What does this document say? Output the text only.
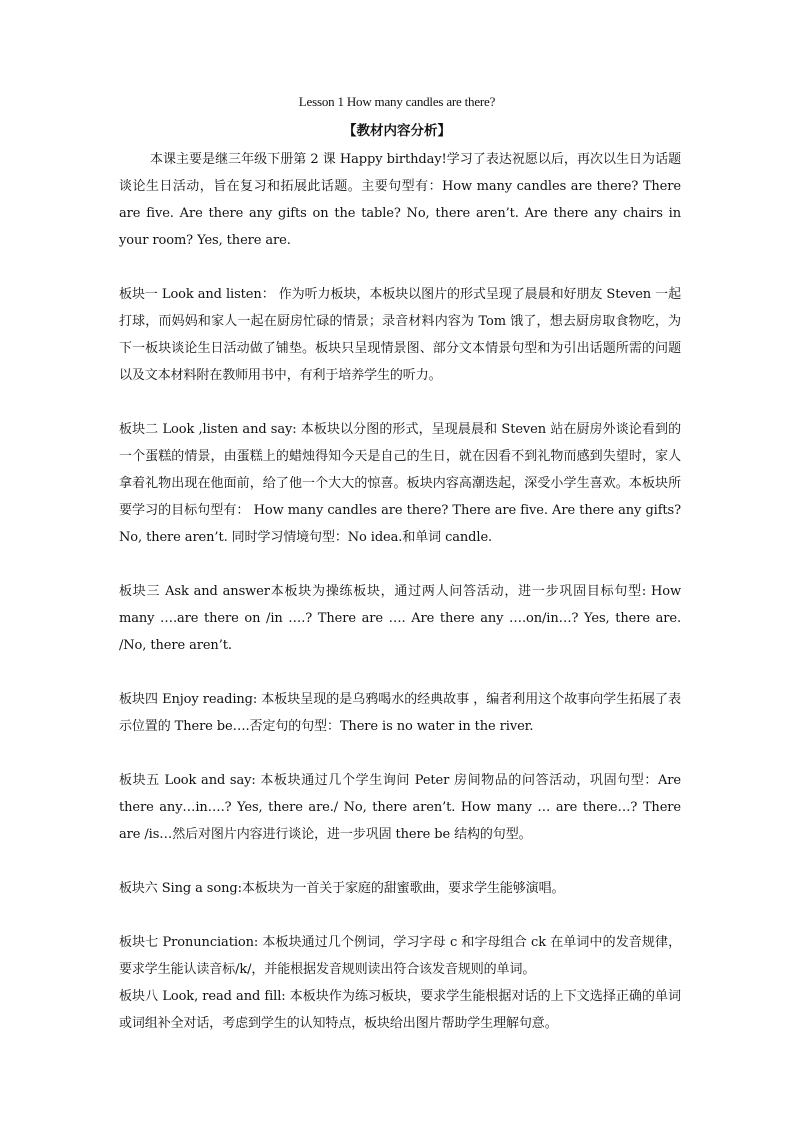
Lesson 1 How many candles are there?
【教材内容分析】

本课主要是继三年级下册第 2 课 Happy birthday!学习了表达祝愿以后，再次以生日为话题谈论生日活动，旨在复习和拓展此话题。主要句型有：How many candles are there? There are five. Are there any gifts on the table? No, there aren’t. Are there any chairs in your room? Yes, there are.

板块一 Look and listen： 作为听力板块，本板块以图片的形式呈现了晨晨和好朋友 Steven 一起打球，而妈妈和家人一起在厨房忙碌的情景；录音材料内容为 Tom 饿了，想去厨房取食物吃，为下一板块谈论生日活动做了铺垫。板块只呈现情景图、部分文本情景句型和为引出话题所需的问题以及文本材料附在教师用书中，有利于培养学生的听力。

板块二 Look ,listen and say: 本板块以分图的形式，呈现晨晨和 Steven 站在厨房外谈论看到的一个蛋糕的情景，由蛋糕上的蜡烛得知今天是自己的生日，就在因看不到礼物而感到失望时，家人拿着礼物出现在他面前，给了他一个大大的惊喜。板块内容高潮迭起，深受小学生喜欢。本板块所要学习的目标句型有： How many candles are there? There are five. Are there any gifts? No, there aren’t. 同时学习情境句型：No idea.和单词 candle.

板块三 Ask and answer本板块为操练板块，通过两人问答活动，进一步巩固目标句型: How many ….are there on /in ….? There are …. Are there any ….on/in…? Yes, there are. /No, there aren’t.

板块四 Enjoy reading: 本板块呈现的是乌鸦喝水的经典故事 ，编者利用这个故事向学生拓展了表示位置的 There be….否定句的句型：There is no water in the river.

板块五 Look and say: 本板块通过几个学生询问 Peter 房间物品的问答活动，巩固句型：Are there any…in….? Yes, there are./ No, there aren’t. How many … are there…? There are /is…然后对图片内容进行谈论，进一步巩固 there be 结构的句型。

板块六 Sing a song:本板块为一首关于家庭的甜蜜歌曲，要求学生能够演唱。

板块七 Pronunciation: 本板块通过几个例词，学习字母 c 和字母组合 ck 在单词中的发音规律，要求学生能认读音标/k/，并能根据发音规则读出符合该发音规则的单词。

板块八 Look, read and fill: 本板块作为练习板块，要求学生能根据对话的上下文选择正确的单词或词组补全对话，考虑到学生的认知特点，板块给出图片帮助学生理解句意。
